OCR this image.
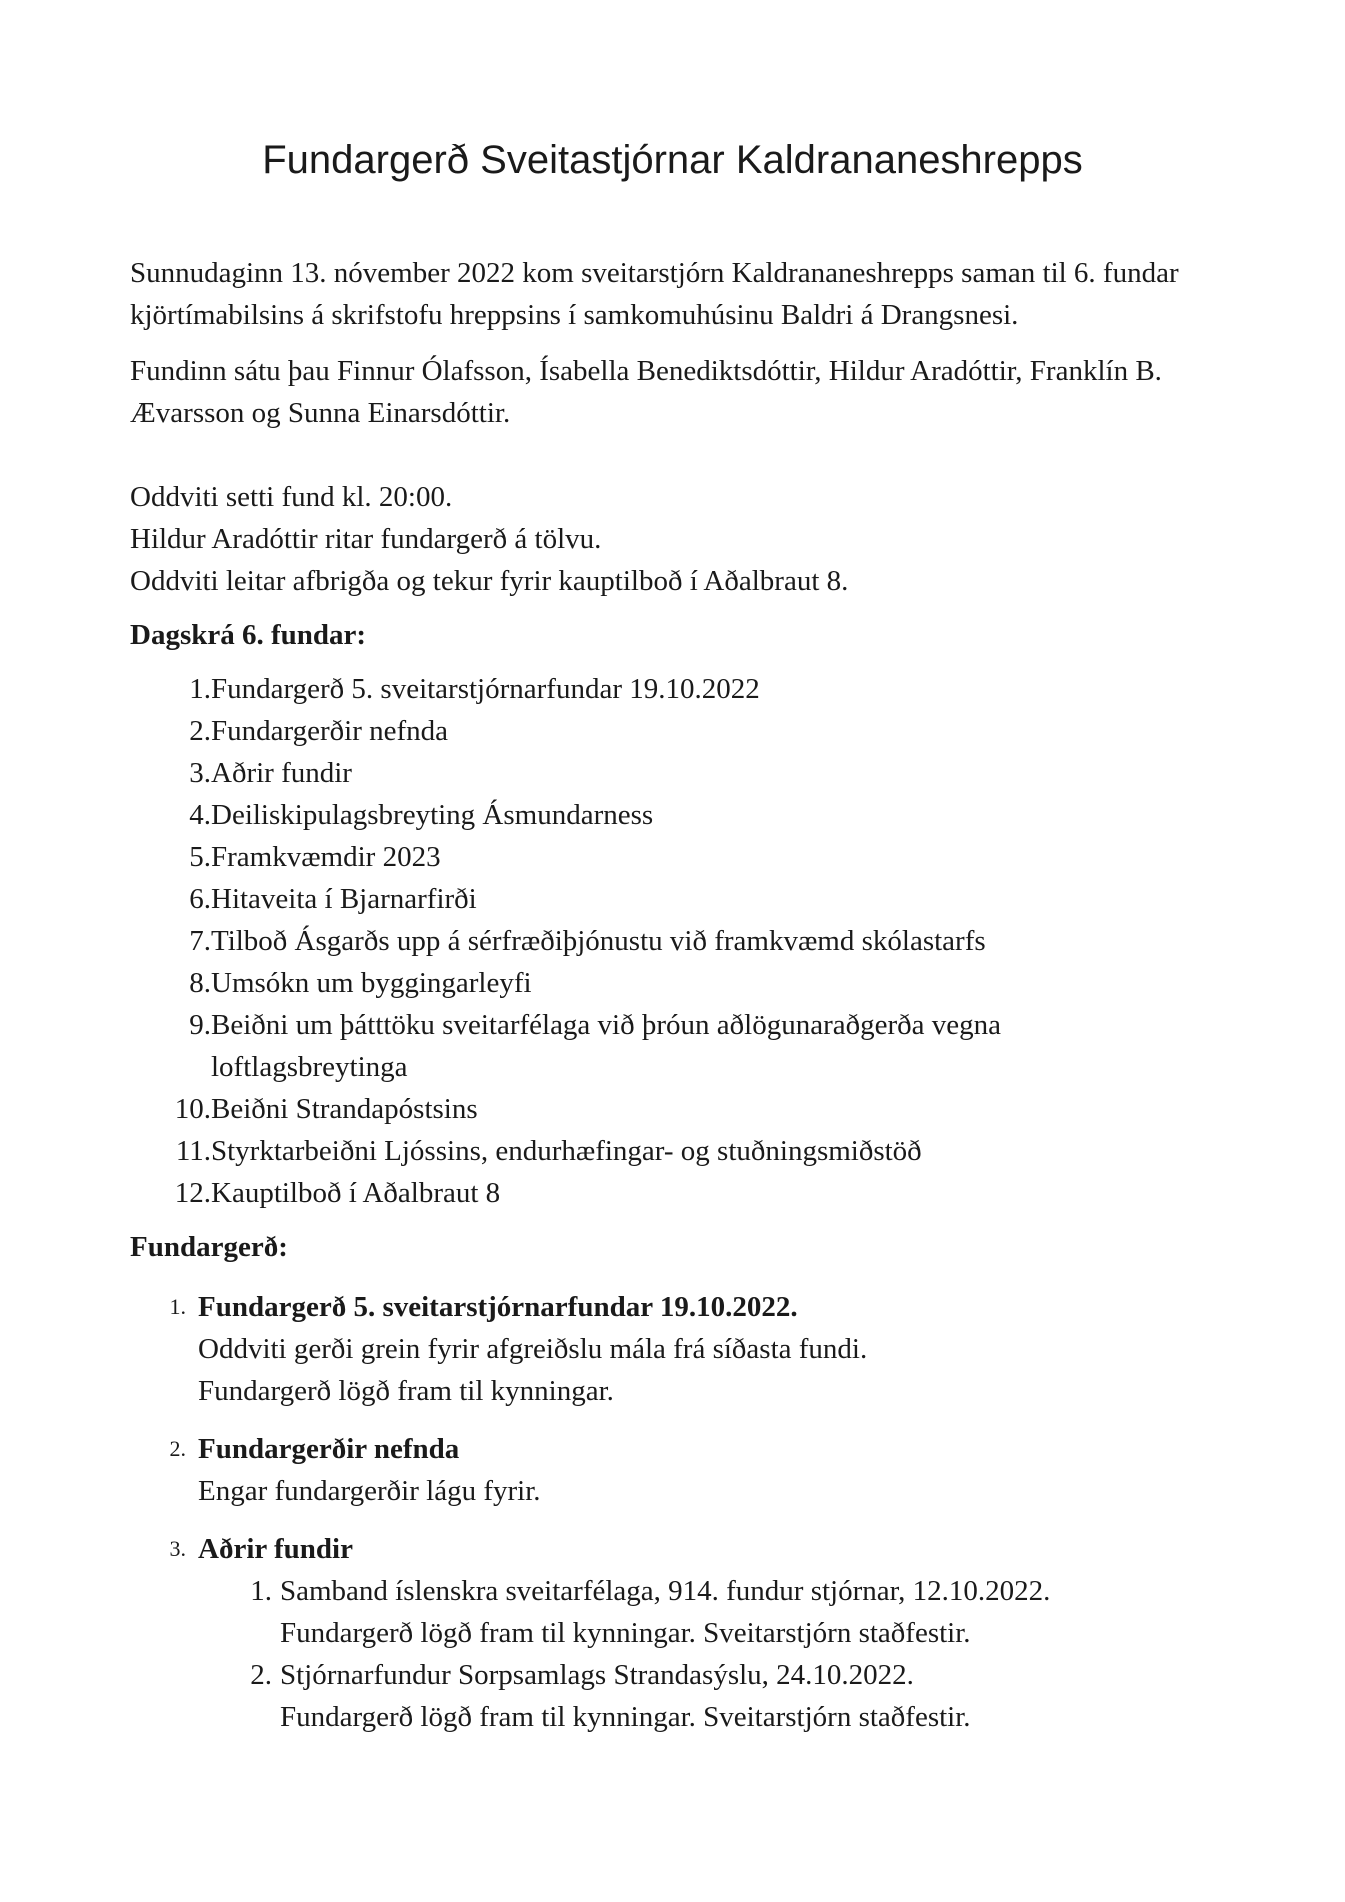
Fundargerð Sveitastjórnar Kaldrananeshrepps

Sunnudaginn 13. nóvember 2022 kom sveitarstjórn Kaldrananeshrepps saman til 6. fundar kjörtímabilsins á skrifstofu hreppsins í samkomuhúsinu Baldri á Drangsnesi.

Fundinn sátu þau Finnur Ólafsson, Ísabella Benediktsdóttir, Hildur Aradóttir, Franklín B. Ævarsson og Sunna Einarsdóttir.

Oddviti setti fund kl. 20:00.

Hildur Aradóttir ritar fundargerð á tölvu.

Oddviti leitar afbrigða og tekur fyrir kauptilboð í Aðalbraut 8.

Dagskrá 6. fundar:

1. Fundargerð 5. sveitarstjórnarfundar 19.10.2022
2. Fundargerðir nefnda
3. Aðrir fundir
4. Deiliskipulagsbreyting Ásmundarness
5. Framkvæmdir 2023
6. Hitaveita í Bjarnarfirði
7. Tilboð Ásgarðs upp á sérfræðiþjónustu við framkvæmd skólastarfs
8. Umsókn um byggingarleyfi
9. Beiðni um þátttöku sveitarfélaga við þróun aðlögunaraðgerða vegna loftlagsbreytinga
10. Beiðni Strandapóstsins
11. Styrktarbeiðni Ljóssins, endurhæfingar- og stuðningsmiðstöð
12. Kauptilboð í Aðalbraut 8

Fundargerð:

1. Fundargerð 5. sveitarstjórnarfundar 19.10.2022.

Oddviti gerði grein fyrir afgreiðslu mála frá síðasta fundi.

Fundargerð lögð fram til kynningar.

2. Fundargerðir nefnda

Engar fundargerðir lágu fyrir.

3. Aðrir fundir

1. Samband íslenskra sveitarfélaga, 914. fundur stjórnar, 12.10.2022.

Fundargerð lögð fram til kynningar. Sveitarstjórn staðfestir.

2. Stjórnarfundur Sorpsamlags Strandasýslu, 24.10.2022.

Fundargerð lögð fram til kynningar. Sveitarstjórn staðfestir.
